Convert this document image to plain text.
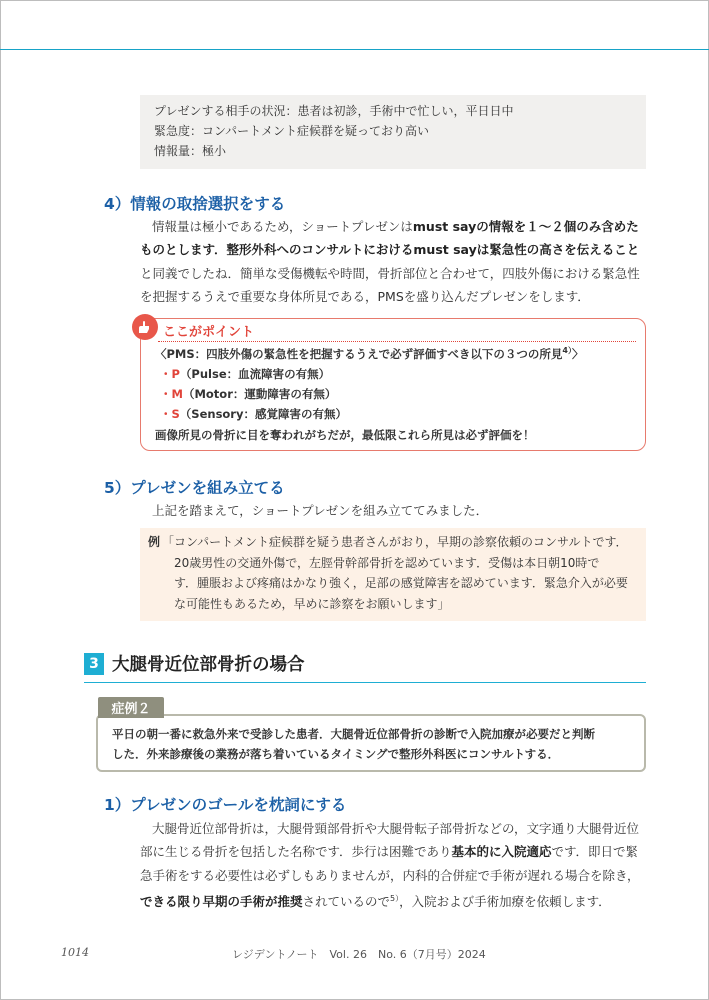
プレゼンする相手の状況：患者は初診，手術中で忙しい，平日日中
緊急度：コンパートメント症候群を疑っており高い
情報量：極小
4）情報の取捨選択をする
情報量は極小であるため，ショートプレゼンはmust sayの情報を１〜２個のみ含めた
ものとします．整形外科へのコンサルトにおけるmust sayは緊急性の高さを伝えること
と同義でしたね．簡単な受傷機転や時間，骨折部位と合わせて，四肢外傷における緊急性
を把握するうえで重要な身体所見である，PMSを盛り込んだプレゼンをします．
ここがポイント
〈PMS：四肢外傷の緊急性を把握するうえで必ず評価すべき以下の３つの所見$^{4)}$〉
・P（Pulse：血流障害の有無）
・M（Motor：運動障害の有無）
・S（Sensory：感覚障害の有無）
画像所見の骨折に目を奪われがちだが，最低限これら所見は必ず評価を！
5）プレゼンを組み立てる
上記を踏まえて，ショートプレゼンを組み立ててみました．
例 「コンパートメント症候群を疑う患者さんがおり，早期の診察依頼のコンサルトです．
20歳男性の交通外傷で，左脛骨幹部骨折を認めています．受傷は本日朝10時で
す．腫脹および疼痛はかなり強く，足部の感覚障害を認めています．緊急介入が必要
な可能性もあるため，早めに診察をお願いします」
3 大腿骨近位部骨折の場合
平日の朝一番に救急外来で受診した患者．大腿骨近位部骨折の診断で入院加療が必要だと判断
した．外来診療後の業務が落ち着いているタイミングで整形外科医にコンサルトする．
症例２
1）プレゼンのゴールを枕詞にする
大腿骨近位部骨折は，大腿骨頸部骨折や大腿骨転子部骨折などの，文字通り大腿骨近位
部に生じる骨折を包括した名称です．歩行は困難であり基本的に入院適応です．即日で緊
急手術をする必要性は必ずしもありませんが，内科的合併症で手術が遅れる場合を除き，
できる限り早期の手術が推奨されているので$^{5)}$，入院および手術加療を依頼します．
1014	レジデントノート　Vol. 26　No. 6（7月号）2024
